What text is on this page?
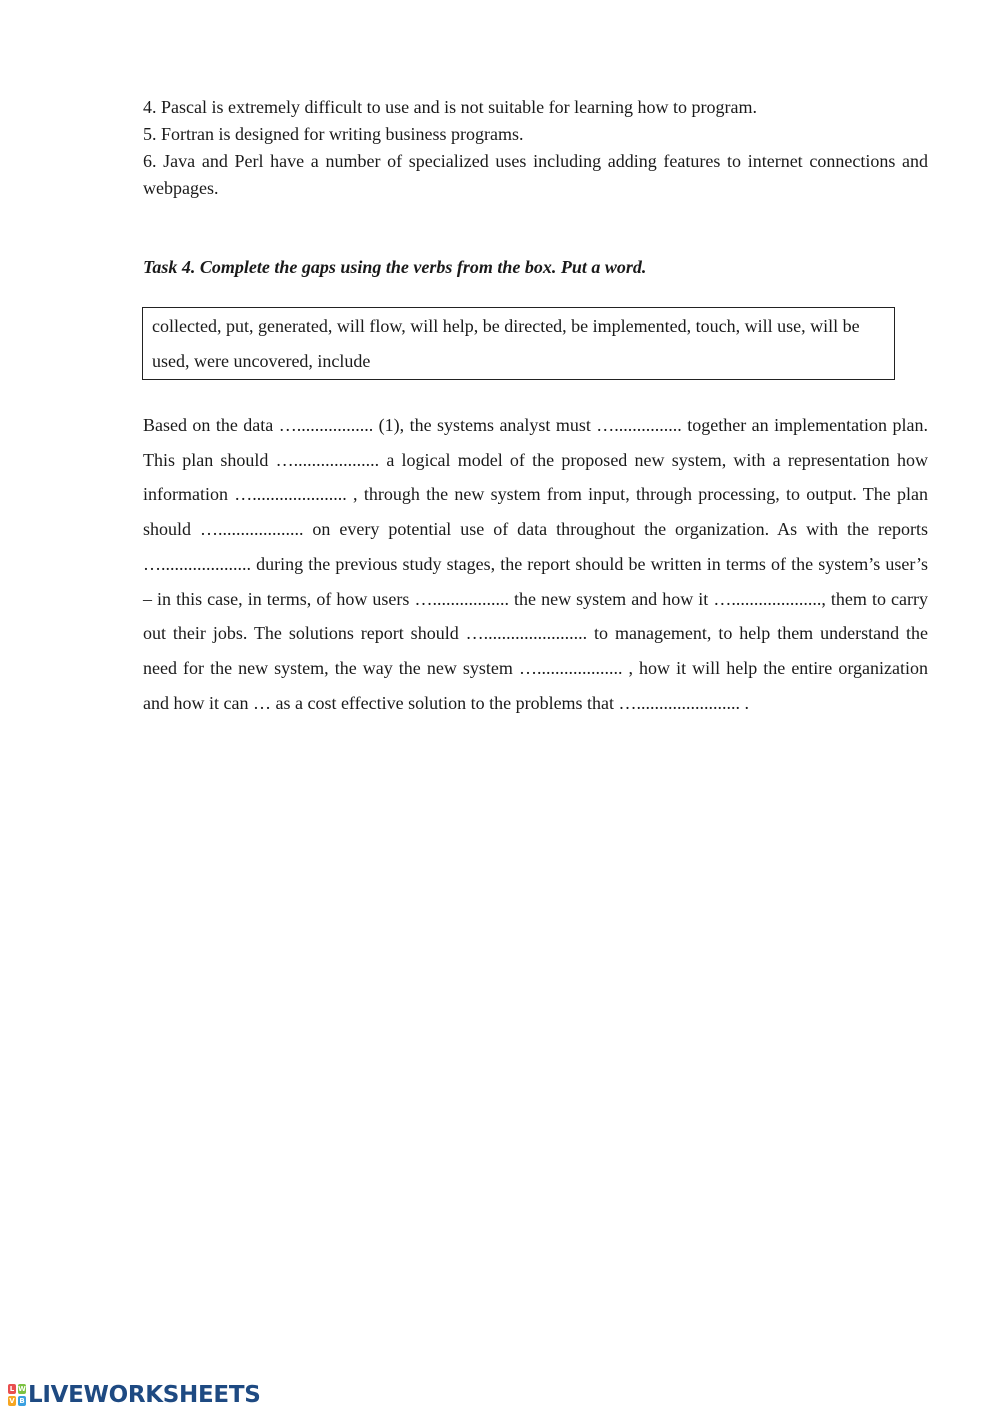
4. Pascal is extremely difficult to use and is not suitable for learning how to program.

5. Fortran is designed for writing business programs.

6. Java and Perl have a number of specialized uses including adding features to internet connections and webpages.

Task 4. Complete the gaps using the verbs from the box. Put a word.

collected, put, generated, will flow, will help, be directed, be implemented, touch, will use, will be used, were uncovered, include

Based on the data …................. (1), the systems analyst must …............... together an implementation plan. This plan should …................... a logical model of the proposed new system, with a representation how information …..................... , through the new system from input, through processing, to output. The plan should …................... on every potential use of data throughout the organization. As with the reports ….................... during the previous study stages, the report should be written in terms of the system’s user’s – in this case, in terms, of how users …................. the new system and how it …...................., them to carry out their jobs. The solutions report should …....................... to management, to help them understand the need for the new system, the way the new system …................... , how it will help the entire organization and how it can … as a cost effective solution to the problems that …....................... .

L W
V B LIVEWORKSHEETS
